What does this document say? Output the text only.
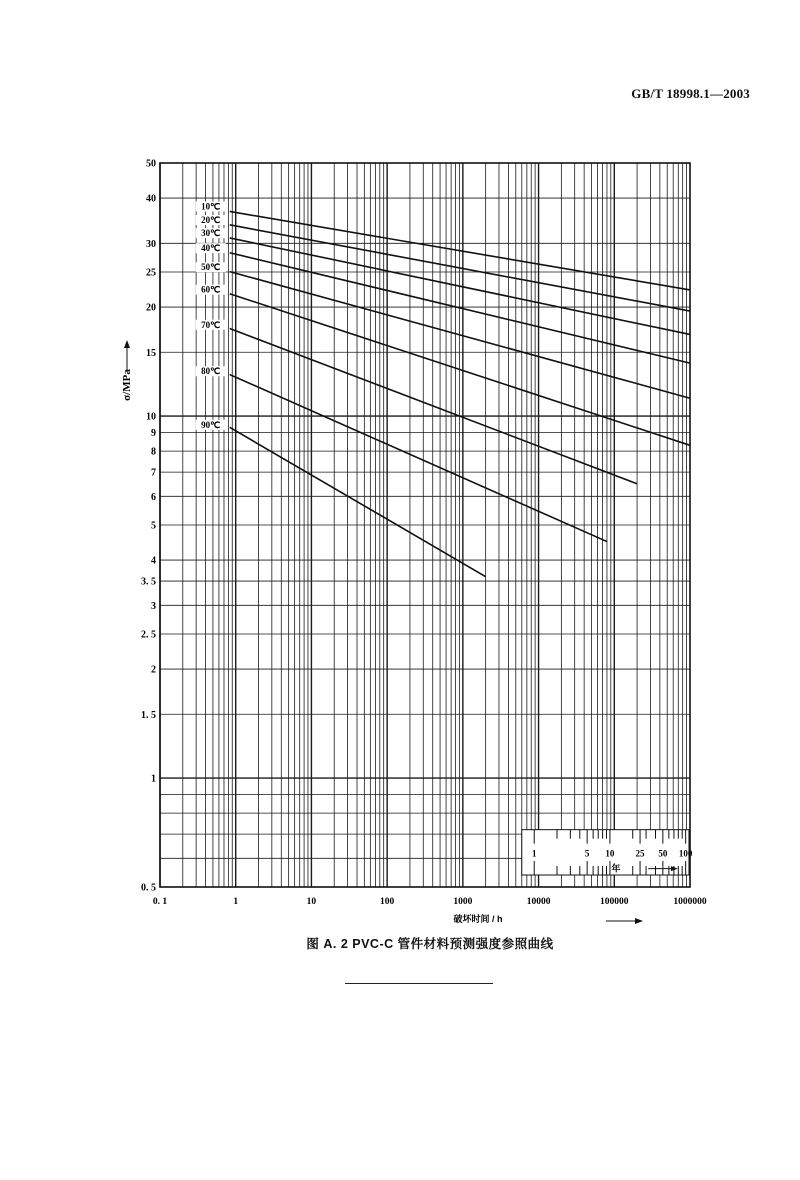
GB/T 18998.1—2003
1	5 10 25 50 100
年
10℃
20℃
30℃
40℃
50℃
60℃
70℃
80℃
90℃
0. 5
1
1. 5
2
2. 5
3
3. 5
4
5
6
7
8
9
10
15
20
25
30
40
50
0. 1	1	10	100	1000	10000	100000	1000000
σ/MPa
破坏时间 / h
图 A. 2 PVC-C 管件材料预测强度参照曲线
